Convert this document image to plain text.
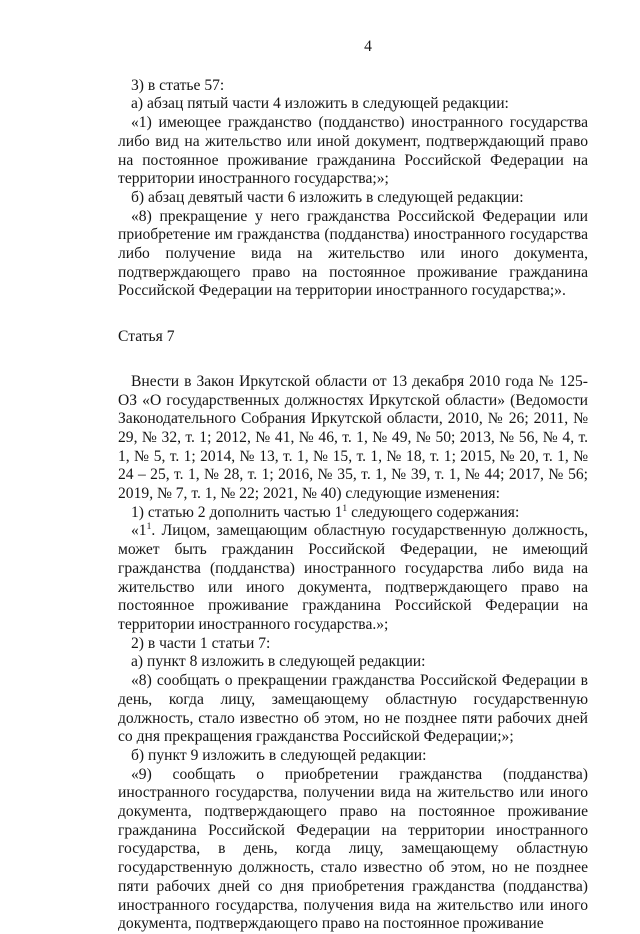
4

3) в статье 57:

а) абзац пятый части 4 изложить в следующей редакции:

«1) имеющее гражданство (подданство) иностранного государства либо вид на жительство или иной документ, подтверждающий право на постоянное проживание гражданина Российской Федерации на территории иностранного государства;»;

б) абзац девятый части 6 изложить в следующей редакции:

«8) прекращение у него гражданства Российской Федерации или приобретение им гражданства (подданства) иностранного государства либо получение вида на жительство или иного документа, подтверждающего право на постоянное проживание гражданина Российской Федерации на территории иностранного государства;».

Статья 7

Внести в Закон Иркутской области от 13 декабря 2010 года № 125-ОЗ «О государственных должностях Иркутской области» (Ведомости Законодательного Собрания Иркутской области, 2010, № 26; 2011, № 29, № 32, т. 1; 2012, № 41, № 46, т. 1, № 49, № 50; 2013, № 56, № 4, т. 1, № 5, т. 1; 2014, № 13, т. 1, № 15, т. 1, № 18, т. 1; 2015, № 20, т. 1, № 24 – 25, т. 1, № 28, т. 1; 2016, № 35, т. 1, № 39, т. 1, № 44; 2017, № 56; 2019, № 7, т. 1, № 22; 2021, № 40) следующие изменения:

1) статью 2 дополнить частью $1^1$ следующего содержания:

«$1^1$. Лицом, замещающим областную государственную должность, может быть гражданин Российской Федерации, не имеющий гражданства (подданства) иностранного государства либо вида на жительство или иного документа, подтверждающего право на постоянное проживание гражданина Российской Федерации на территории иностранного государства.»;

2) в части 1 статьи 7:

а) пункт 8 изложить в следующей редакции:

«8) сообщать о прекращении гражданства Российской Федерации в день, когда лицу, замещающему областную государственную должность, стало известно об этом, но не позднее пяти рабочих дней со дня прекращения гражданства Российской Федерации;»;

б) пункт 9 изложить в следующей редакции:

«9) сообщать о приобретении гражданства (подданства) иностранного государства, получении вида на жительство или иного документа, подтверждающего право на постоянное проживание гражданина Российской Федерации на территории иностранного государства, в день, когда лицу, замещающему областную государственную должность, стало известно об этом, но не позднее пяти рабочих дней со дня приобретения гражданства (подданства) иностранного государства, получения вида на жительство или иного документа, подтверждающего право на постоянное проживание
